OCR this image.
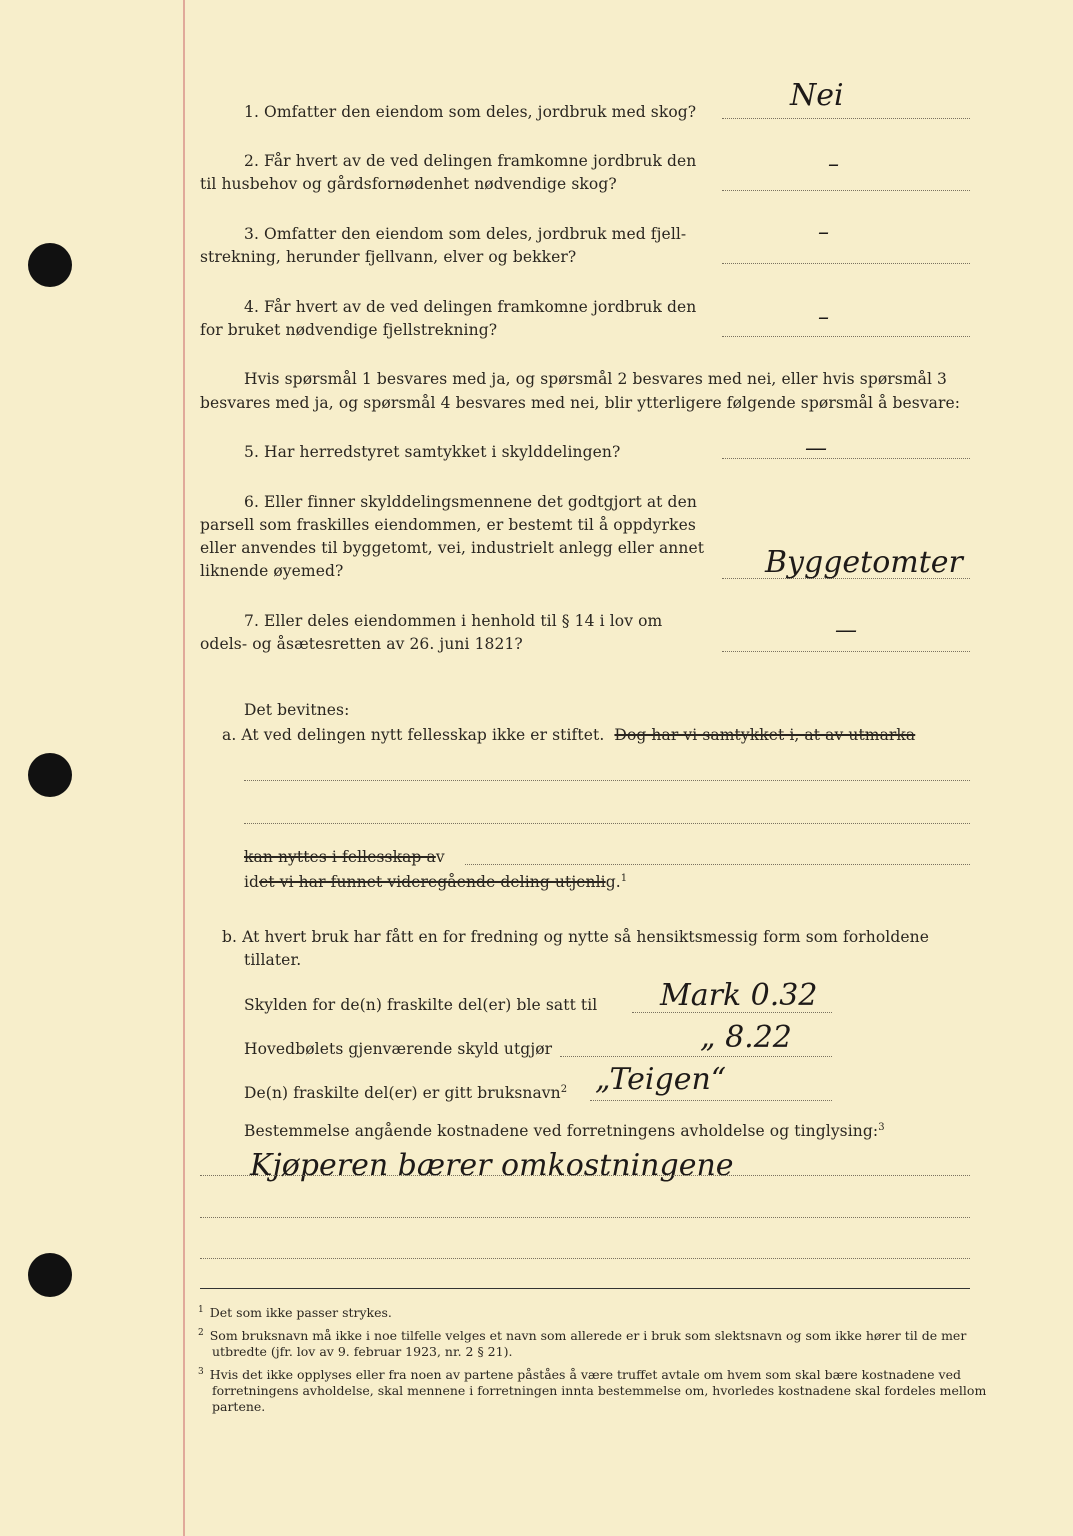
1. Omfatter den eiendom som deles, jordbruk med skog?	Nei
2. Får hvert av de ved delingen framkomne jordbruk den
til husbehov og gårdsfornødenhet nødvendige skog?
–
3. Omfatter den eiendom som deles, jordbruk med fjell-
strekning, herunder fjellvann, elver og bekker?
–
4. Får hvert av de ved delingen framkomne jordbruk den
for bruket nødvendige fjellstrekning?	–
Hvis spørsmål 1 besvares med ja, og spørsmål 2 besvares med nei, eller hvis spørsmål 3
besvares med ja, og spørsmål 4 besvares med nei, blir ytterligere følgende spørsmål å besvare:
5. Har herredstyret samtykket i skylddelingen?	—
6. Eller finner skylddelingsmennene det godtgjort at den
parsell som fraskilles eiendommen, er bestemt til å oppdyrkes
eller anvendes til byggetomt, vei, industrielt anlegg eller annet
liknende øyemed?	Byggetomter
7. Eller deles eiendommen i henhold til § 14 i lov om
odels- og åsætesretten av 26. juni 1821?
—
Det bevitnes:
a. At ved delingen nytt fellesskap ikke er stiftet. Dog har vi samtykket i, at av utmarka
kan nyttes i fellesskap av
idet vi har funnet videregående deling utjenlig.$^1$
b. At hvert bruk har fått en for fredning og nytte så hensiktsmessig form som forholdene
tillater.
Skylden for de(n) fraskilte del(er) ble satt til Mark 0.32
Hovedbølets gjenværende skyld utgjør	„ 8.22
De(n) fraskilte del(er) er gitt bruksnavn$^2$ „Teigen“
Bestemmelse angående kostnadene ved forretningens avholdelse og tinglysing:$^3$
Kjøperen bærer omkostningene
$^1$ Det som ikke passer strykes.
$^2$ Som bruksnavn må ikke i noe tilfelle velges et navn som allerede er i bruk som slektsnavn og som ikke hører til de mer utbredte (jfr. lov av 9. februar 1923, nr. 2 § 21).
$^3$ Hvis det ikke opplyses eller fra noen av partene påståes å være truffet avtale om hvem som skal bære kostnadene ved forretningens avholdelse, skal mennene i forretningen innta bestemmelse om, hvorledes kostnadene skal fordeles mellom partene.
